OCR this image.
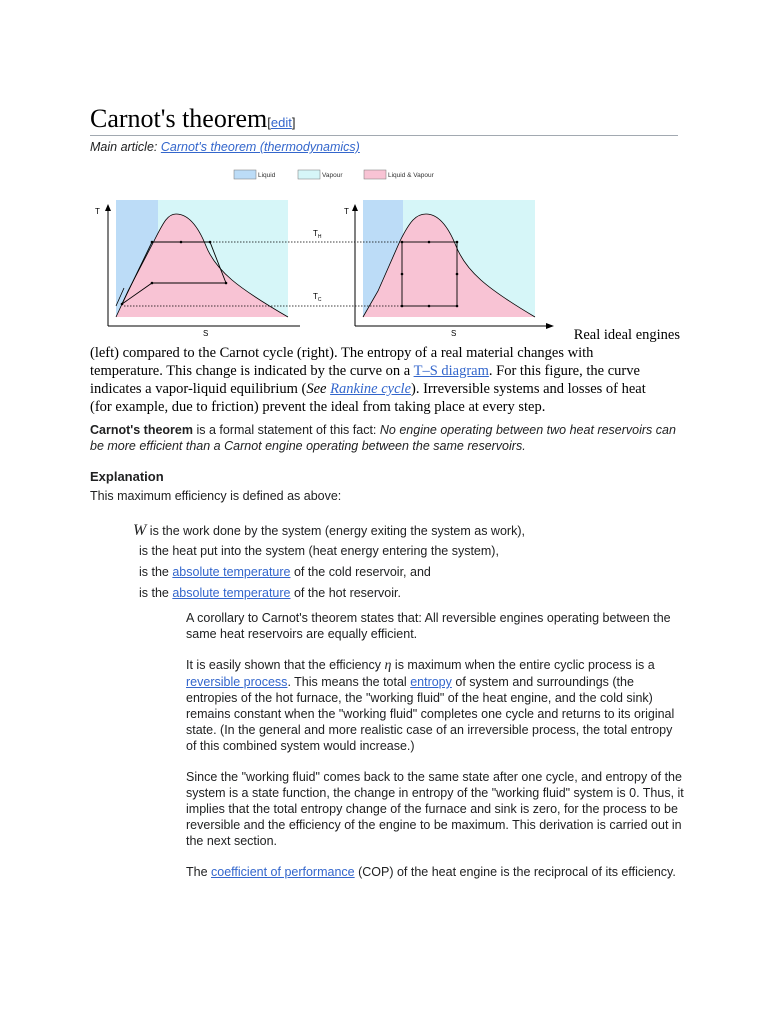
Carnot's theorem[edit]
Main article: Carnot's theorem (thermodynamics)
Liquid	Vapour	Liquid & Vapour
T
S
T
S
$T_H$
$T_C$
Real ideal engines
(left) compared to the Carnot cycle (right). The entropy of a real material changes with
temperature. This change is indicated by the curve on a T–S diagram. For this figure, the curve
indicates a vapor-liquid equilibrium (See Rankine cycle). Irreversible systems and losses of heat
(for example, due to friction) prevent the ideal from taking place at every step.
Carnot's theorem is a formal statement of this fact: No engine operating between two heat reservoirs can be more efficient than a Carnot engine operating between the same reservoirs.
Explanation
This maximum efficiency is defined as above:
W is the work done by the system (energy exiting the system as work),
is the heat put into the system (heat energy entering the system),
is the absolute temperature of the cold reservoir, and
is the absolute temperature of the hot reservoir.

A corollary to Carnot's theorem states that: All reversible engines operating between the same heat reservoirs are equally efficient.

It is easily shown that the efficiency η is maximum when the entire cyclic process is a reversible process. This means the total entropy of system and surroundings (the entropies of the hot furnace, the "working fluid" of the heat engine, and the cold sink) remains constant when the "working fluid" completes one cycle and returns to its original state. (In the general and more realistic case of an irreversible process, the total entropy of this combined system would increase.)

Since the "working fluid" comes back to the same state after one cycle, and entropy of the system is a state function, the change in entropy of the "working fluid" system is 0. Thus, it implies that the total entropy change of the furnace and sink is zero, for the process to be reversible and the efficiency of the engine to be maximum. This derivation is carried out in the next section.

The coefficient of performance (COP) of the heat engine is the reciprocal of its efficiency.
